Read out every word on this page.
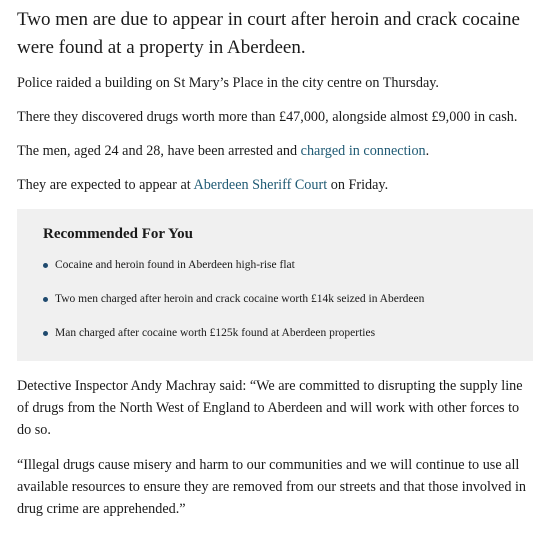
Two men are due to appear in court after heroin and crack cocaine were found at a property in Aberdeen.

Police raided a building on St Mary’s Place in the city centre on Thursday.

There they discovered drugs worth more than £47,000, alongside almost £9,000 in cash.

The men, aged 24 and 28, have been arrested and charged in connection.

They are expected to appear at Aberdeen Sheriff Court on Friday.

Recommended For You
Cocaine and heroin found in Aberdeen high-rise flat
Two men charged after heroin and crack cocaine worth £14k seized in Aberdeen
Man charged after cocaine worth £125k found at Aberdeen properties

Detective Inspector Andy Machray said: “We are committed to disrupting the supply line of drugs from the North West of England to Aberdeen and will work with other forces to do so.

“Illegal drugs cause misery and harm to our communities and we will continue to use all available resources to ensure they are removed from our streets and that those involved in drug crime are apprehended.”
